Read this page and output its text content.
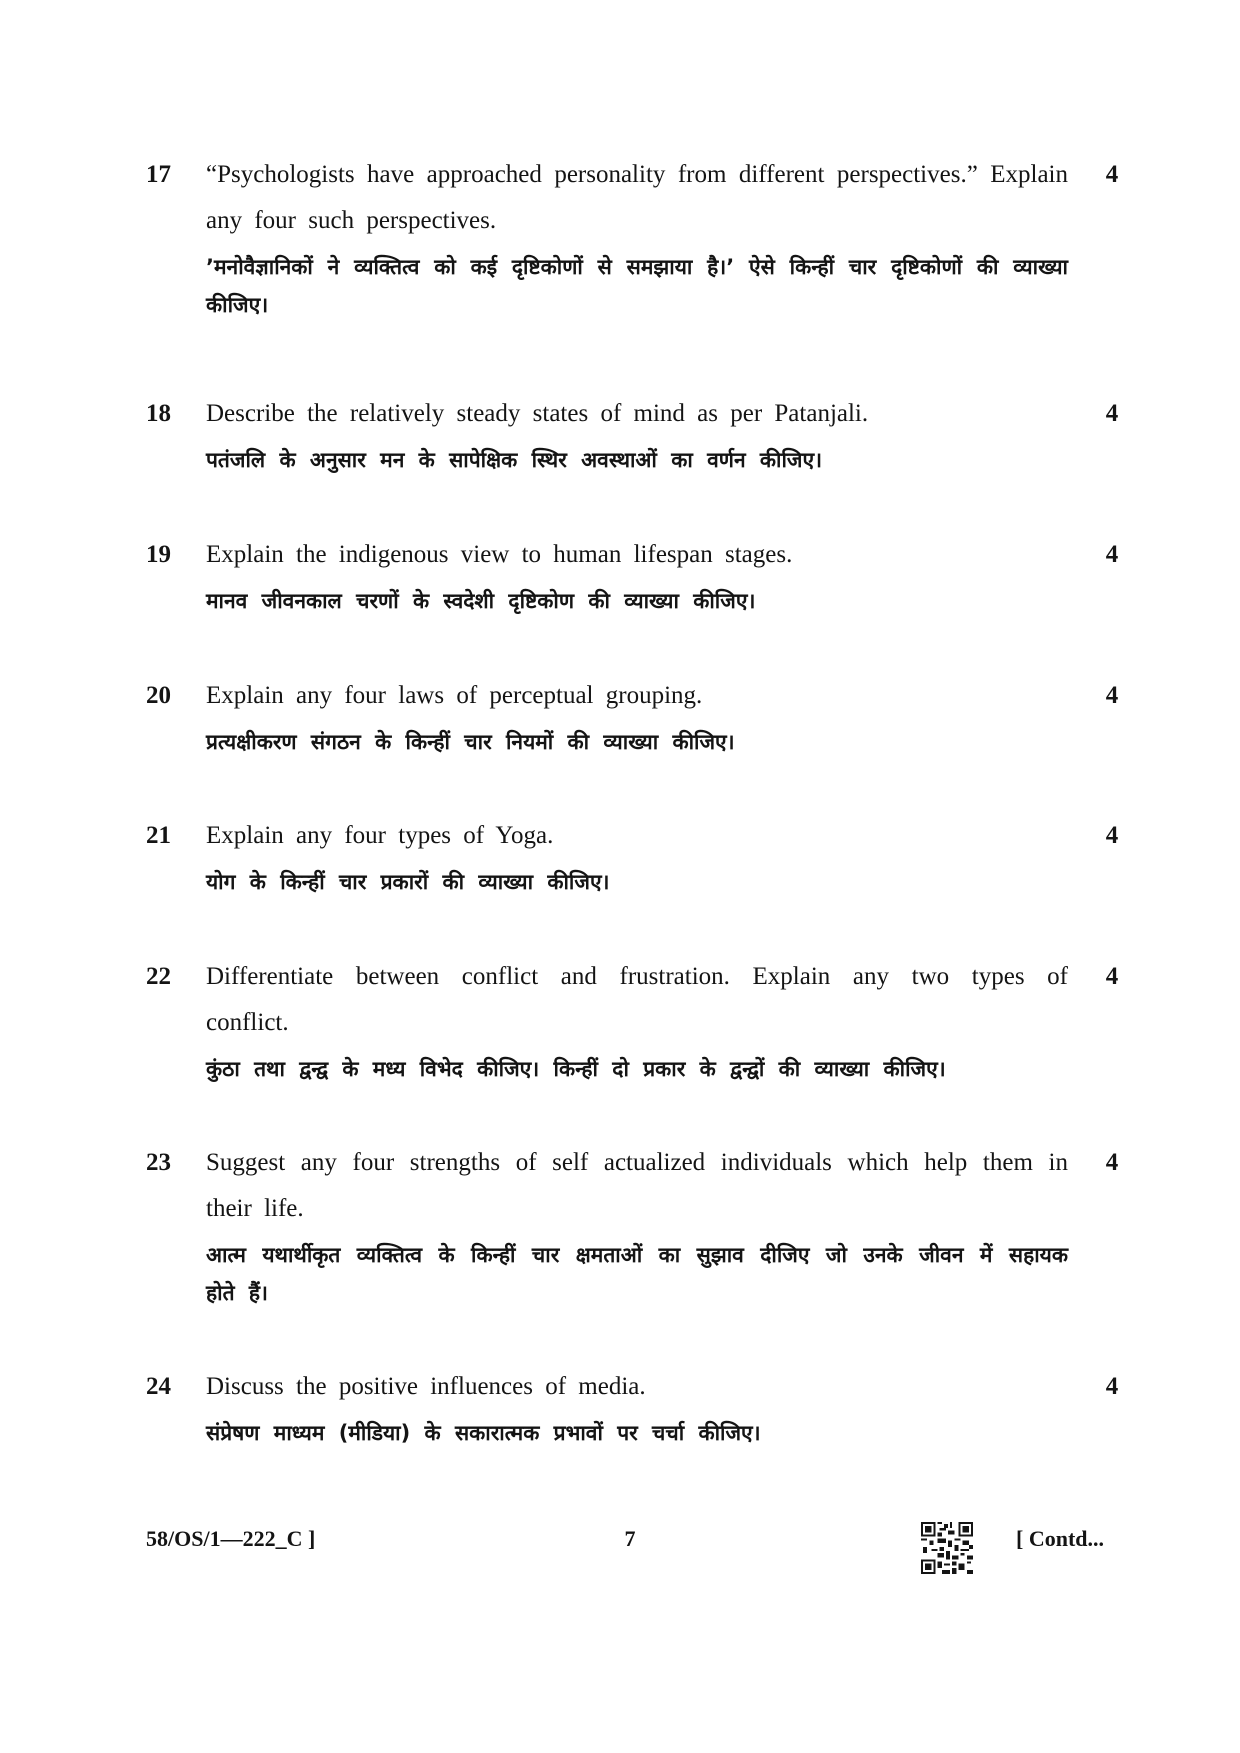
17 “Psychologists have approached personality from different perspectives.” Explain any four such perspectives.
’मनोवैज्ञानिकों ने व्यक्तित्व को कई दृष्टिकोणों से समझाया है।’ ऐसे किन्हीं चार दृष्टिकोणों की व्याख्या कीजिए।
4
18 Describe the relatively steady states of mind as per Patanjali.
पतंजलि के अनुसार मन के सापेक्षिक स्थिर अवस्थाओं का वर्णन कीजिए।
4
19 Explain the indigenous view to human lifespan stages.
मानव जीवनकाल चरणों के स्वदेशी दृष्टिकोण की व्याख्या कीजिए।
4
20 Explain any four laws of perceptual grouping.
प्रत्यक्षीकरण संगठन के किन्हीं चार नियमों की व्याख्या कीजिए।
4
21 Explain any four types of Yoga.
योग के किन्हीं चार प्रकारों की व्याख्या कीजिए।
4
22 Differentiate between conflict and frustration. Explain any two types of conflict.
कुंठा तथा द्वन्द्व के मध्य विभेद कीजिए। किन्हीं दो प्रकार के द्वन्द्वों की व्याख्या कीजिए।
4
23 Suggest any four strengths of self actualized individuals which help them in their life.
आत्म यथार्थीकृत व्यक्तित्व के किन्हीं चार क्षमताओं का सुझाव दीजिए जो उनके जीवन में सहायक होते हैं।
4
24 Discuss the positive influences of media.
संप्रेषण माध्यम (मीडिया) के सकारात्मक प्रभावों पर चर्चा कीजिए।
4
58/OS/1—222_C ]	7	[ Contd...
